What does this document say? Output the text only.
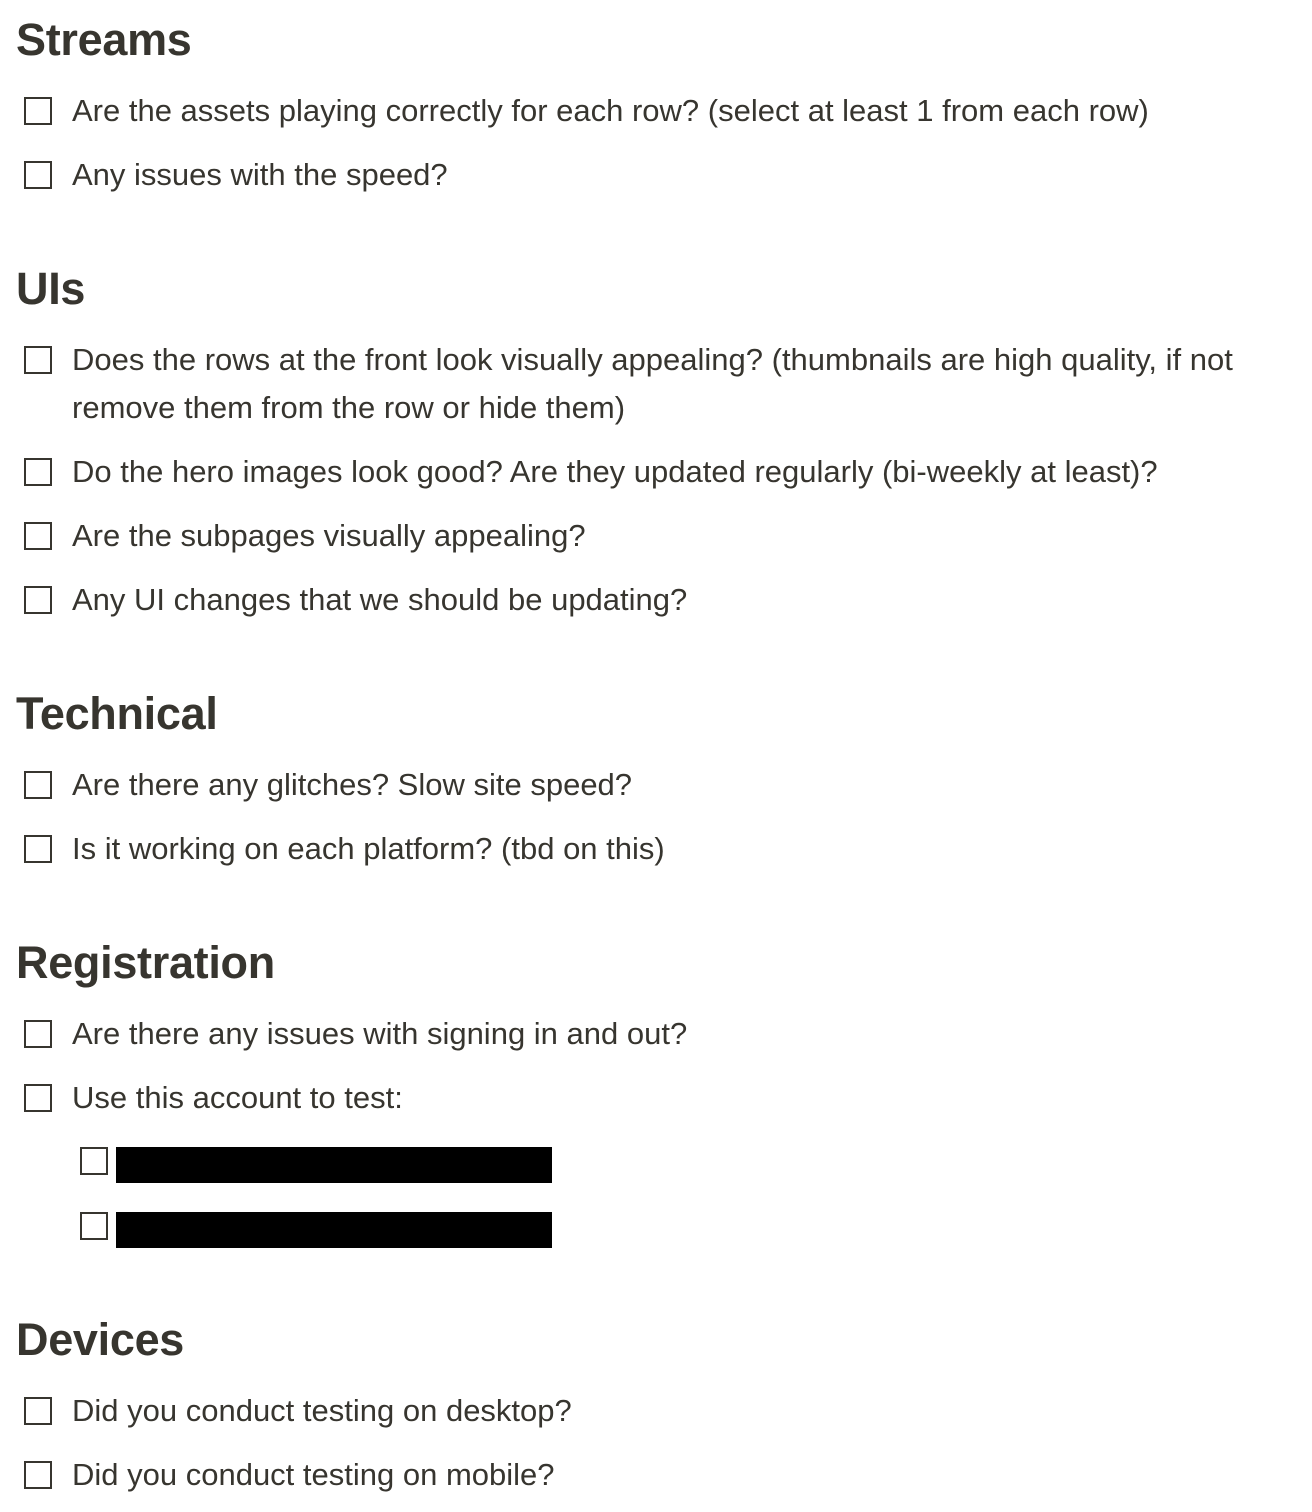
Streams
Are the assets playing correctly for each row? (select at least 1 from each row)
Any issues with the speed?
UIs
Does the rows at the front look visually appealing? (thumbnails are high quality, if not remove them from the row or hide them)
Do the hero images look good? Are they updated regularly (bi-weekly at least)?
Are the subpages visually appealing?
Any UI changes that we should be updating?
Technical
Are there any glitches? Slow site speed?
Is it working on each platform? (tbd on this)
Registration
Are there any issues with signing in and out?
Use this account to test:
Devices
Did you conduct testing on desktop?
Did you conduct testing on mobile?
